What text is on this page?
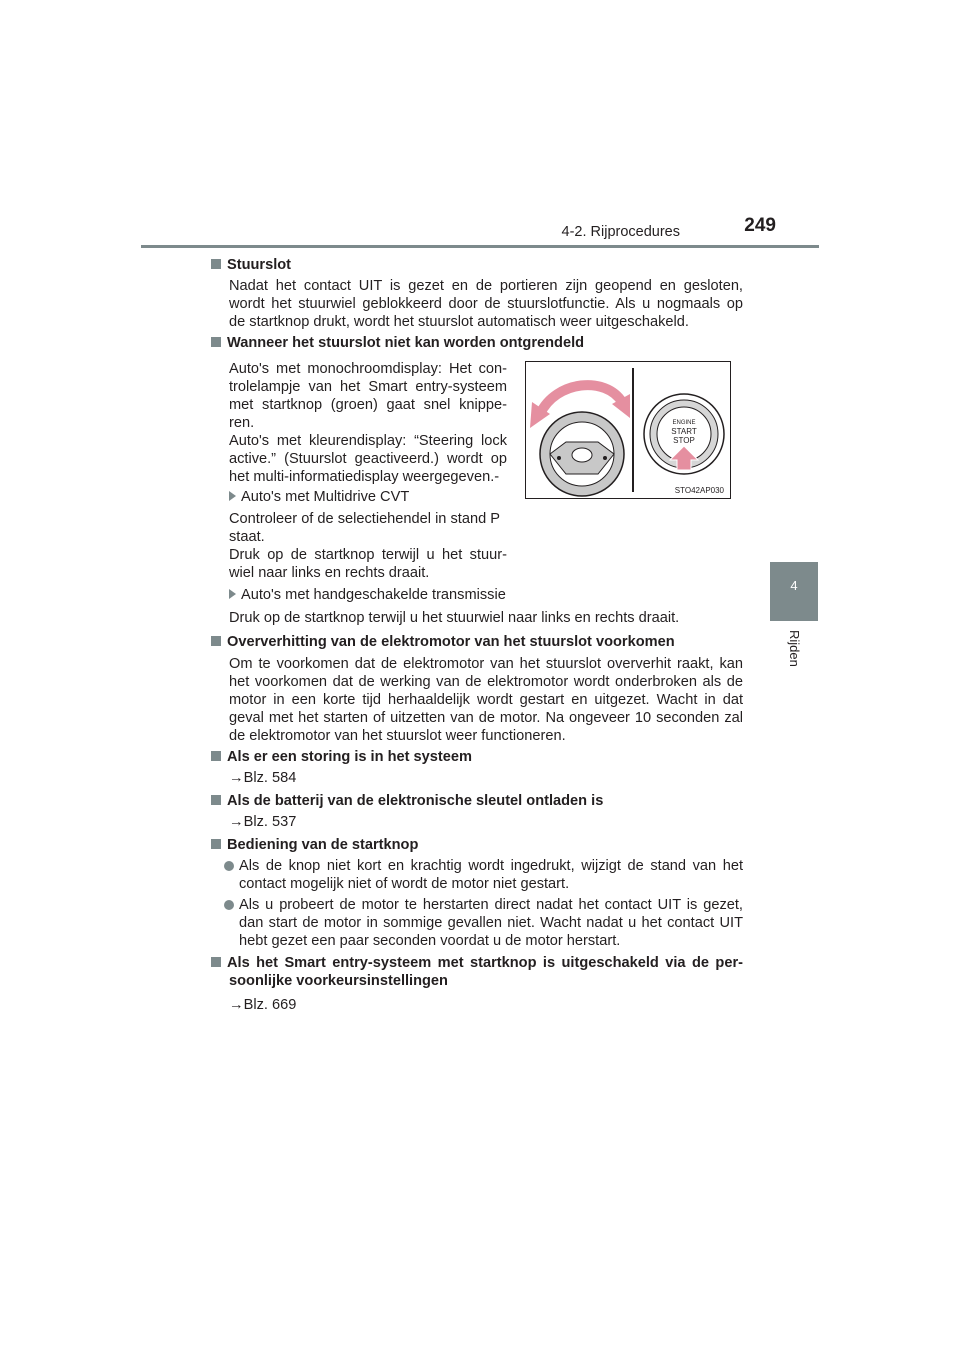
4-2. Rijprocedures	249
4
Rijden
Stuurslot
Nadat het contact UIT is gezet en de portieren zijn geopend en gesloten,
wordt het stuurwiel geblokkeerd door de stuurslotfunctie. Als u nogmaals op
de startknop drukt, wordt het stuurslot automatisch weer uitgeschakeld.
Wanneer het stuurslot niet kan worden ontgrendeld
Auto's met monochroomdisplay: Het con-
trolelampje van het Smart entry-systeem
met startknop (groen) gaat snel knippe-
ren.
Auto's met kleurendisplay: “Steering lock
active.” (Stuurslot geactiveerd.) wordt op
het multi-informatiedisplay weergegeven.-
Auto's met Multidrive CVT
Controleer of de selectiehendel in stand P
staat.
Druk op de startknop terwijl u het stuur-
wiel naar links en rechts draait.
Auto's met handgeschakelde transmissie
Druk op de startknop terwijl u het stuurwiel naar links en rechts draait.
ENGINE
START
STOP
STO42AP030
Oververhitting van de elektromotor van het stuurslot voorkomen
Om te voorkomen dat de elektromotor van het stuurslot oververhit raakt, kan
het voorkomen dat de werking van de elektromotor wordt onderbroken als de
motor in een korte tijd herhaaldelijk wordt gestart en uitgezet. Wacht in dat
geval met het starten of uitzetten van de motor. Na ongeveer 10 seconden zal
de elektromotor van het stuurslot weer functioneren.
Als er een storing is in het systeem
→Blz. 584
Als de batterij van de elektronische sleutel ontladen is
→Blz. 537
Bediening van de startknop
Als de knop niet kort en krachtig wordt ingedrukt, wijzigt de stand van het
contact mogelijk niet of wordt de motor niet gestart.
Als u probeert de motor te herstarten direct nadat het contact UIT is gezet,
dan start de motor in sommige gevallen niet. Wacht nadat u het contact UIT
hebt gezet een paar seconden voordat u de motor herstart.
Als het Smart entry-systeem met startknop is uitgeschakeld via de per-
soonlijke voorkeursinstellingen
→Blz. 669
